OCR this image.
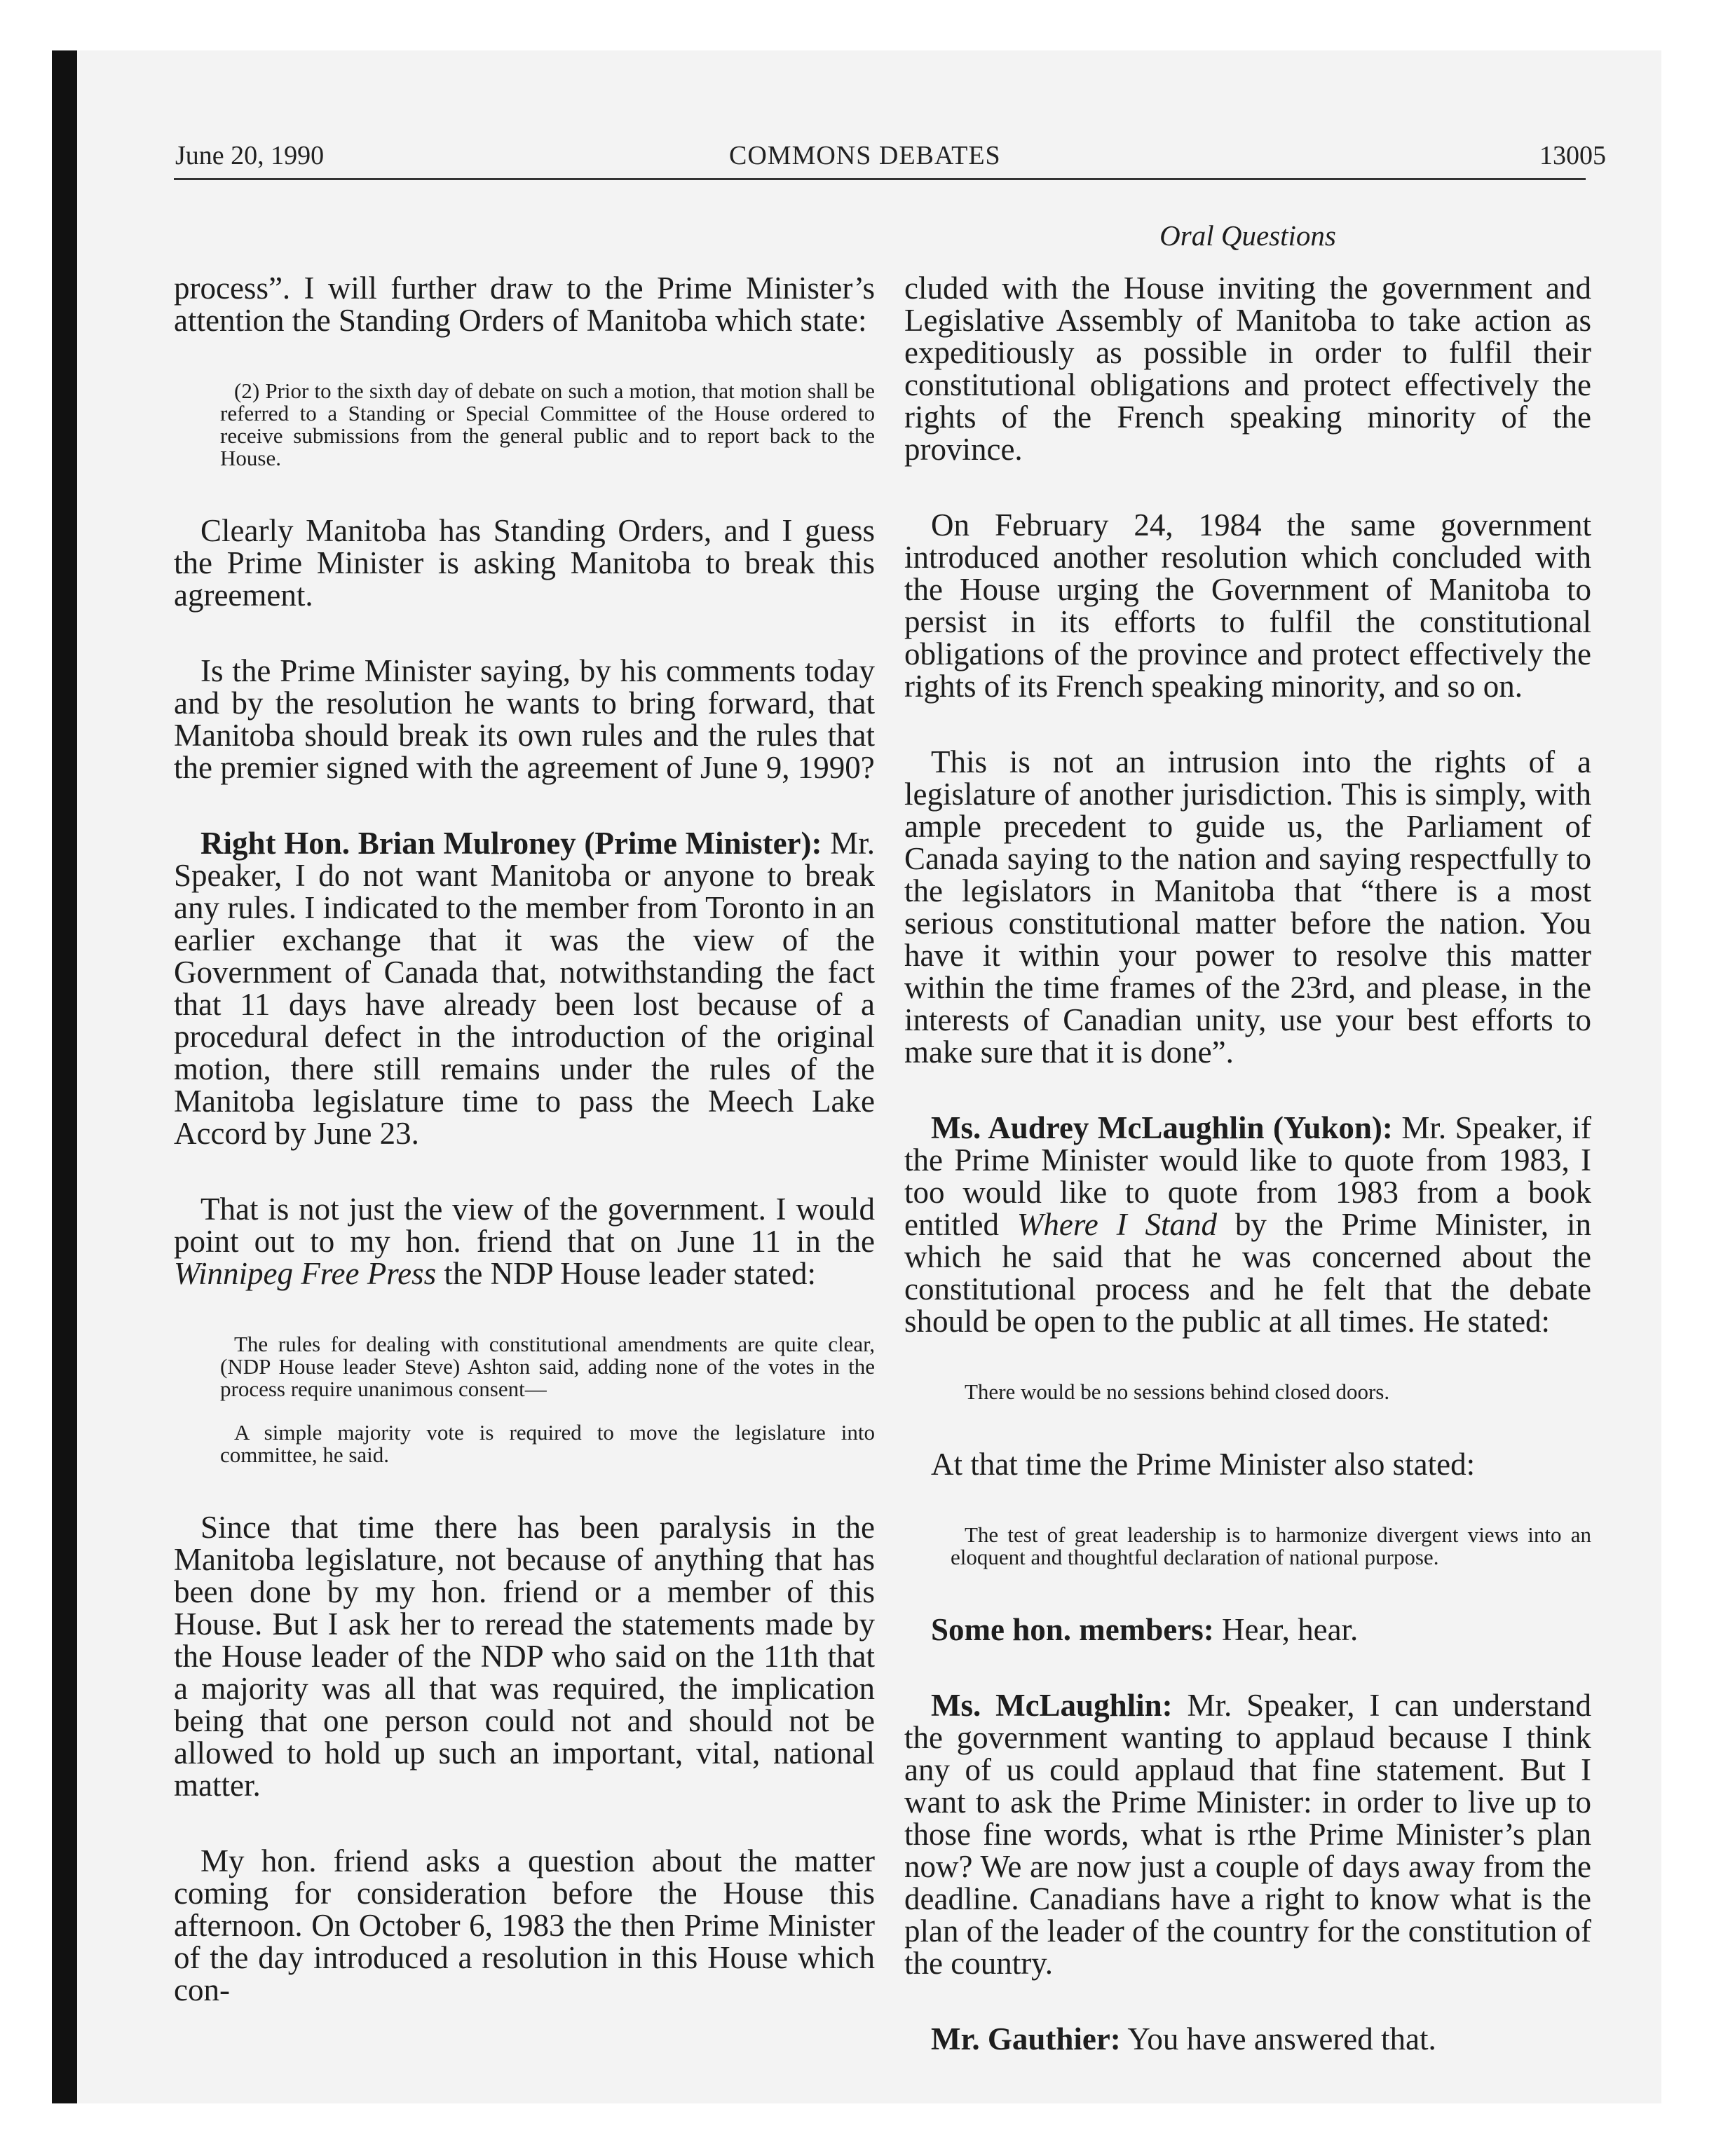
June 20, 1990	COMMONS DEBATES	13005
Oral Questions

process”. I will further draw to the Prime Minister’s attention the Standing Orders of Manitoba which state:

(2) Prior to the sixth day of debate on such a motion, that motion shall be referred to a Standing or Special Committee of the House ordered to receive submissions from the general public and to report back to the House.

Clearly Manitoba has Standing Orders, and I guess the Prime Minister is asking Manitoba to break this agreement.

Is the Prime Minister saying, by his comments today and by the resolution he wants to bring forward, that Manitoba should break its own rules and the rules that the premier signed with the agreement of June 9, 1990?

Right Hon. Brian Mulroney (Prime Minister): Mr. Speaker, I do not want Manitoba or anyone to break any rules. I indicated to the member from Toronto in an earlier exchange that it was the view of the Government of Canada that, notwithstanding the fact that 11 days have already been lost because of a procedural defect in the introduction of the original motion, there still remains under the rules of the Manitoba legislature time to pass the Meech Lake Accord by June 23.

That is not just the view of the government. I would point out to my hon. friend that on June 11 in the Winnipeg Free Press the NDP House leader stated:

The rules for dealing with constitutional amendments are quite clear, (NDP House leader Steve) Ashton said, adding none of the votes in the process require unanimous consent—

A simple majority vote is required to move the legislature into committee, he said.

Since that time there has been paralysis in the Manitoba legislature, not because of anything that has been done by my hon. friend or a member of this House. But I ask her to reread the statements made by the House leader of the NDP who said on the 11th that a majority was all that was required, the implication being that one person could not and should not be allowed to hold up such an important, vital, national matter.

My hon. friend asks a question about the matter coming for consideration before the House this afternoon. On October 6, 1983 the then Prime Minister of the day introduced a resolution in this House which con-

cluded with the House inviting the government and Legislative Assembly of Manitoba to take action as expeditiously as possible in order to fulfil their constitutional obligations and protect effectively the rights of the French speaking minority of the province.

On February 24, 1984 the same government introduced another resolution which concluded with the House urging the Government of Manitoba to persist in its efforts to fulfil the constitutional obligations of the province and protect effectively the rights of its French speaking minority, and so on.

This is not an intrusion into the rights of a legislature of another jurisdiction. This is simply, with ample precedent to guide us, the Parliament of Canada saying to the nation and saying respectfully to the legislators in Manitoba that “there is a most serious constitutional matter before the nation. You have it within your power to resolve this matter within the time frames of the 23rd, and please, in the interests of Canadian unity, use your best efforts to make sure that it is done”.

Ms. Audrey McLaughlin (Yukon): Mr. Speaker, if the Prime Minister would like to quote from 1983, I too would like to quote from 1983 from a book entitled Where I Stand by the Prime Minister, in which he said that he was concerned about the constitutional process and he felt that the debate should be open to the public at all times. He stated:

There would be no sessions behind closed doors.

At that time the Prime Minister also stated:

The test of great leadership is to harmonize divergent views into an eloquent and thoughtful declaration of national purpose.

Some hon. members: Hear, hear.

Ms. McLaughlin: Mr. Speaker, I can understand the government wanting to applaud because I think any of us could applaud that fine statement. But I want to ask the Prime Minister: in order to live up to those fine words, what is rthe Prime Minister’s plan now? We are now just a couple of days away from the deadline. Canadians have a right to know what is the plan of the leader of the country for the constitution of the country.

Mr. Gauthier: You have answered that.
